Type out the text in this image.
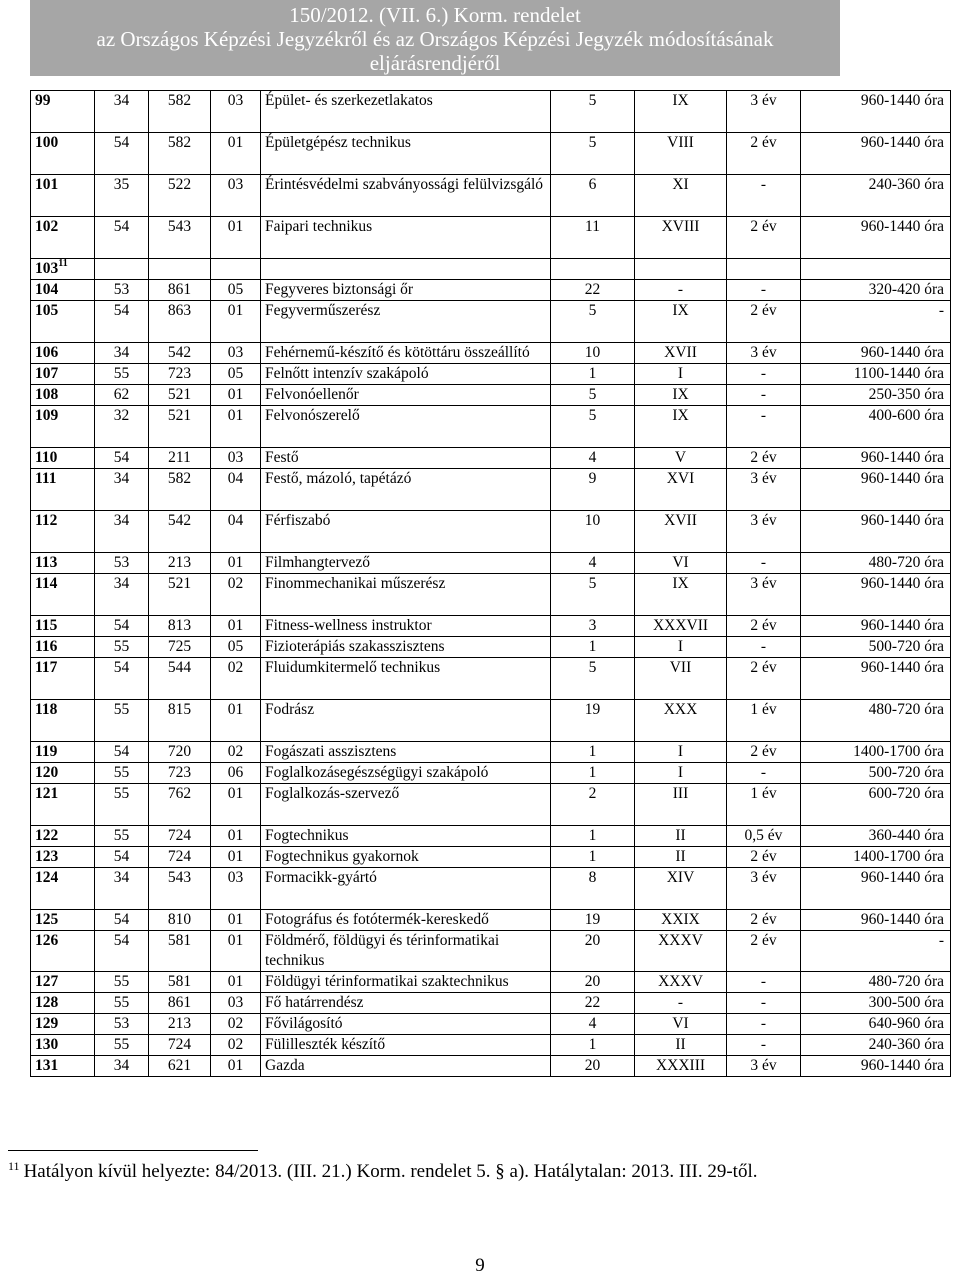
150/2012. (VII. 6.) Korm. rendelet
az Országos Képzési Jegyzékről és az Országos Képzési Jegyzék módosításának
eljárásrendjéről
99	34	582	03	Épület- és szerkezetlakatos	5	IX	3 év	960-1440 óra
100	54	582	01	Épületgépész technikus	5	VIII	2 év	960-1440 óra
101	35	522	03	Érintésvédelmi szabványossági felülvizsgáló	6	XI	-	240-360 óra
102	54	543	01	Faipari technikus	11	XVIII	2 év	960-1440 óra
$103^{11}$								
104	53	861	05	Fegyveres biztonsági őr	22	-	-	320-420 óra
105	54	863	01	Fegyverműszerész	5	IX	2 év	-
106	34	542	03	Fehérnemű-készítő és kötöttáru összeállító	10	XVII	3 év	960-1440 óra
107	55	723	05	Felnőtt intenzív szakápoló	1	I	-	1100-1440 óra
108	62	521	01	Felvonóellenőr	5	IX	-	250-350 óra
109	32	521	01	Felvonószerelő	5	IX	-	400-600 óra
110	54	211	03	Festő	4	V	2 év	960-1440 óra
111	34	582	04	Festő, mázoló, tapétázó	9	XVI	3 év	960-1440 óra
112	34	542	04	Férfiszabó	10	XVII	3 év	960-1440 óra
113	53	213	01	Filmhangtervező	4	VI	-	480-720 óra
114	34	521	02	Finommechanikai műszerész	5	IX	3 év	960-1440 óra
115	54	813	01	Fitness-wellness instruktor	3	XXXVII	2 év	960-1440 óra
116	55	725	05	Fizioterápiás szakasszisztens	1	I	-	500-720 óra
117	54	544	02	Fluidumkitermelő technikus	5	VII	2 év	960-1440 óra
118	55	815	01	Fodrász	19	XXX	1 év	480-720 óra
119	54	720	02	Fogászati asszisztens	1	I	2 év	1400-1700 óra
120	55	723	06	Foglalkozásegészségügyi szakápoló	1	I	-	500-720 óra
121	55	762	01	Foglalkozás-szervező	2	III	1 év	600-720 óra
122	55	724	01	Fogtechnikus	1	II	0,5 év	360-440 óra
123	54	724	01	Fogtechnikus gyakornok	1	II	2 év	1400-1700 óra
124	34	543	03	Formacikk-gyártó	8	XIV	3 év	960-1440 óra
125	54	810	01	Fotográfus és fotótermék-kereskedő	19	XXIX	2 év	960-1440 óra
126	54	581	01	Földmérő, földügyi és térinformatikai technikus	20	XXXV	2 év	-
127	55	581	01	Földügyi térinformatikai szaktechnikus	20	XXXV	-	480-720 óra
128	55	861	03	Fő határrendész	22	-	-	300-500 óra
129	53	213	02	Fővilágosító	4	VI	-	640-960 óra
130	55	724	02	Fülilleszték készítő	1	II	-	240-360 óra
131	34	621	01	Gazda	20	XXXIII	3 év	960-1440 óra
$^{11}$ Hatályon kívül helyezte: 84/2013. (III. 21.) Korm. rendelet 5. § a). Hatálytalan: 2013. III. 29-től.
9
